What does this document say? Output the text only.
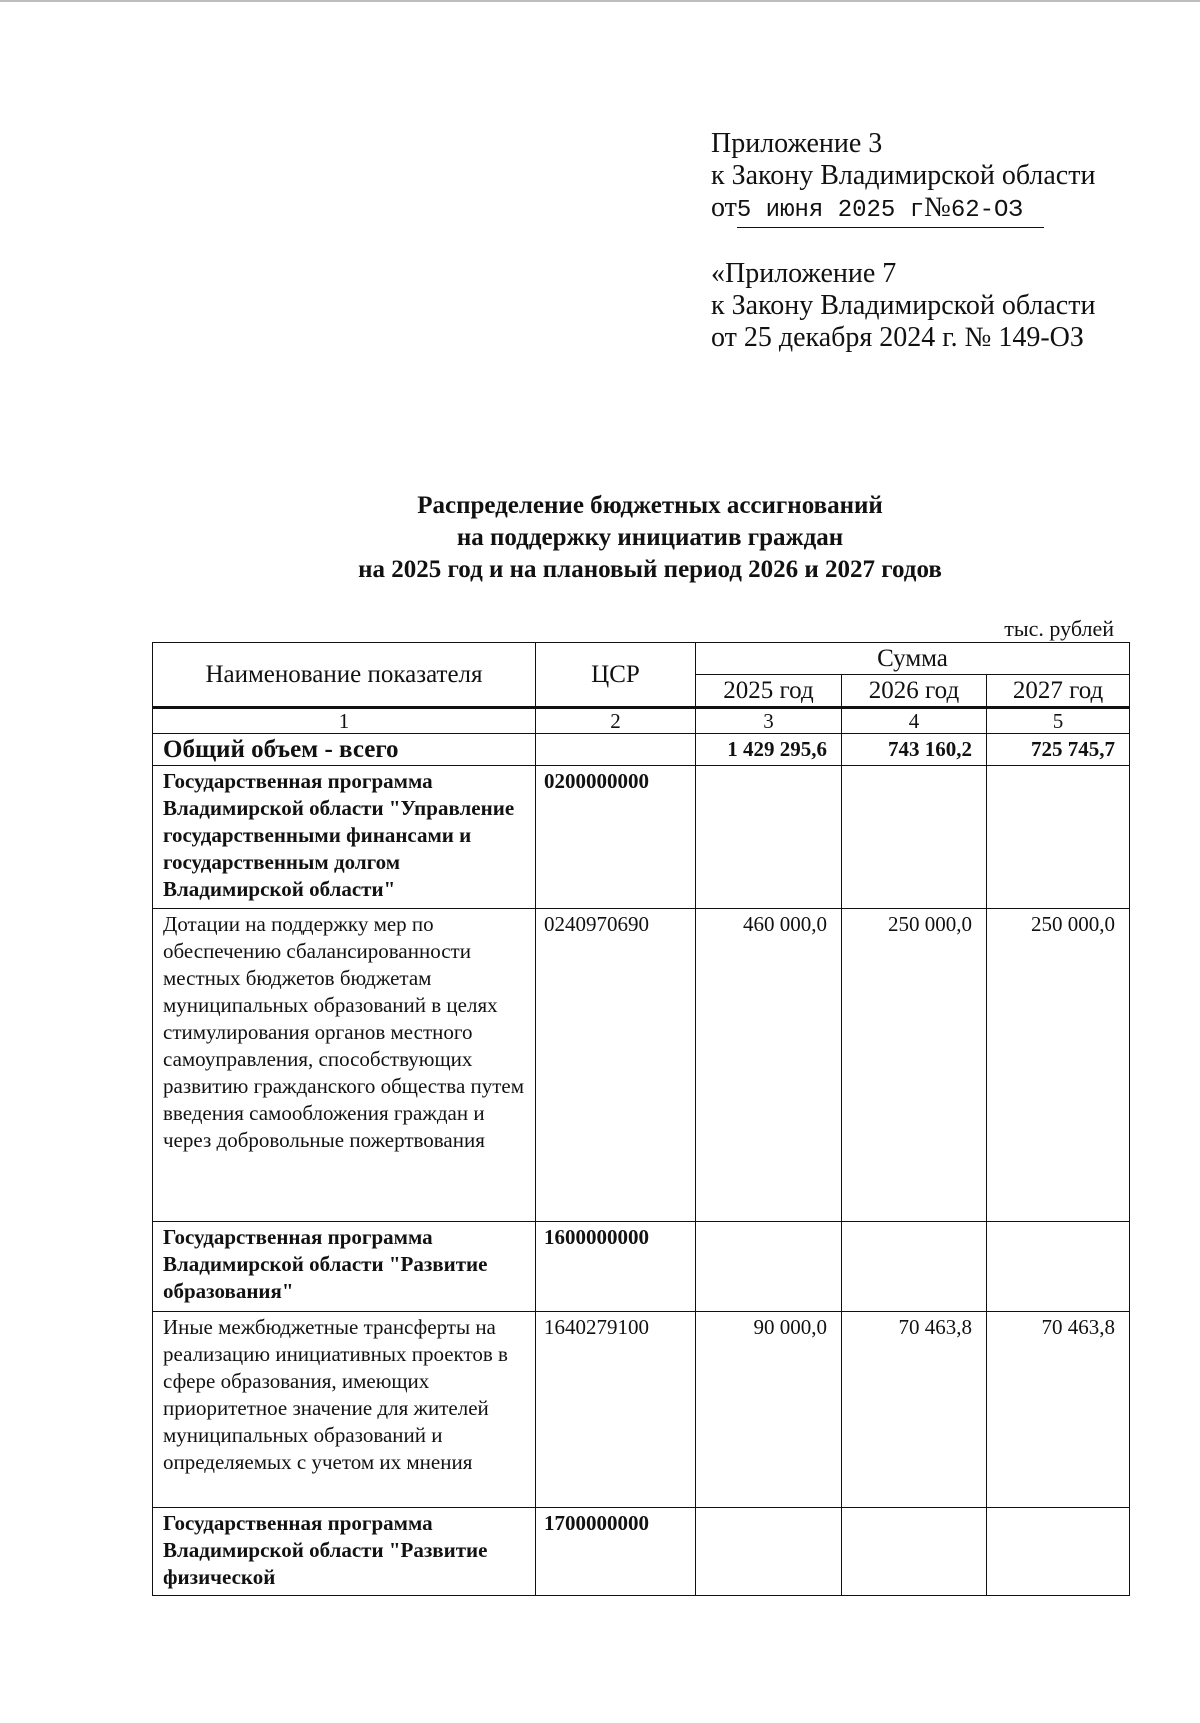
Приложение 3
к Закону Владимирской области
от5 июня 2025 г№62-ОЗ
«Приложение 7
к Закону Владимирской области
от 25 декабря 2024 г. № 149-ОЗ
Распределение бюджетных ассигнований
на поддержку инициатив граждан
на 2025 год и на плановый период 2026 и 2027 годов
тыс. рублей
Наименование показателя	ЦСР	Сумма		
		2025 год	2026 год	2027 год
1	2	3	4	5
Общий объем - всего		1 429 295,6	743 160,2	725 745,7
Государственная программа Владимирской области "Управление государственными финансами и государственным долгом Владимирской области"	0200000000			
Дотации на поддержку мер по обеспечению сбалансированности местных бюджетов бюджетам муниципальных образований в целях стимулирования органов местного самоуправления, способствующих развитию гражданского общества путем введения самообложения граждан и через добровольные пожертвования	0240970690	460 000,0	250 000,0	250 000,0
Государственная программа Владимирской области "Развитие образования"	1600000000			
Иные межбюджетные трансферты на реализацию инициативных проектов в сфере образования, имеющих приоритетное значение для жителей муниципальных образований и определяемых с учетом их мнения	1640279100	90 000,0	70 463,8	70 463,8
Государственная программа Владимирской области "Развитие физической	1700000000			
